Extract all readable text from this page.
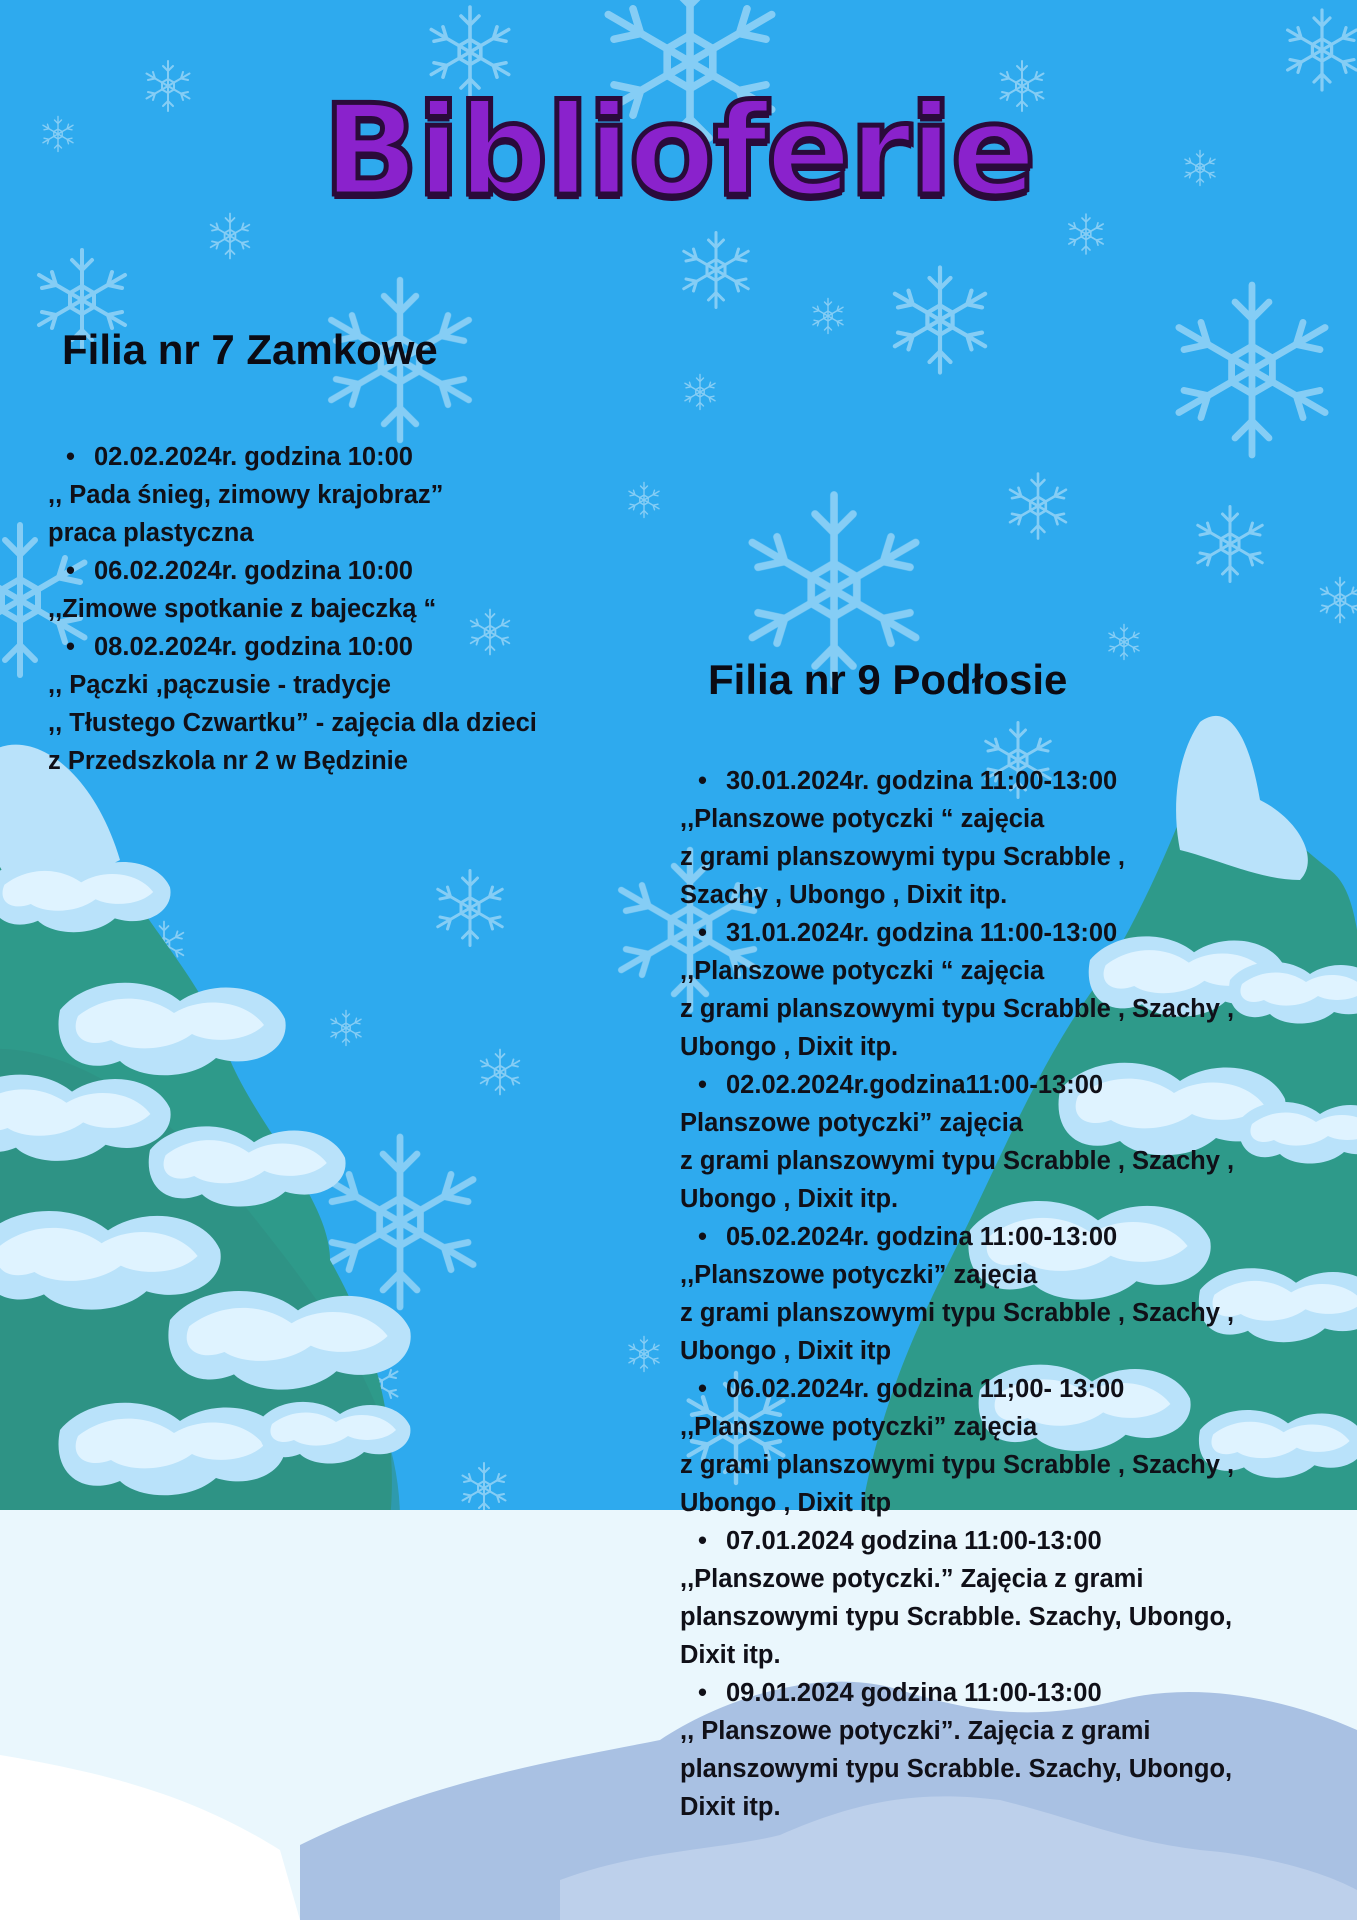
Biblioferie
Filia nr 7 Zamkowe
• 02.02.2024r. godzina 10:00
,, Pada śnieg, zimowy krajobraz”
praca plastyczna
• 06.02.2024r. godzina 10:00
,,Zimowe spotkanie z bajeczką “
• 08.02.2024r. godzina 10:00
,, Pączki ,pączusie - tradycje
,, Tłustego Czwartku” - zajęcia dla dzieci
z Przedszkola nr 2 w Będzinie
Filia nr 9 Podłosie
• 30.01.2024r. godzina 11:00-13:00
,,Planszowe potyczki “ zajęcia
z grami planszowymi typu Scrabble ,
Szachy , Ubongo , Dixit itp.
• 31.01.2024r. godzina 11:00-13:00
,,Planszowe potyczki “ zajęcia
z grami planszowymi typu Scrabble , Szachy ,
Ubongo , Dixit itp.
• 02.02.2024r.godzina11:00-13:00
Planszowe potyczki” zajęcia
z grami planszowymi typu Scrabble , Szachy ,
Ubongo , Dixit itp.
• 05.02.2024r. godzina 11:00-13:00
,,Planszowe potyczki” zajęcia
z grami planszowymi typu Scrabble , Szachy ,
Ubongo , Dixit itp
• 06.02.2024r. godzina 11;00- 13:00
,,Planszowe potyczki” zajęcia
z grami planszowymi typu Scrabble , Szachy ,
Ubongo , Dixit itp
• 07.01.2024 godzina 11:00-13:00
,,Planszowe potyczki.” Zajęcia z grami
planszowymi typu Scrabble. Szachy, Ubongo,
Dixit itp.
• 09.01.2024 godzina 11:00-13:00
,, Planszowe potyczki”. Zajęcia z grami
planszowymi typu Scrabble. Szachy, Ubongo,
Dixit itp.
